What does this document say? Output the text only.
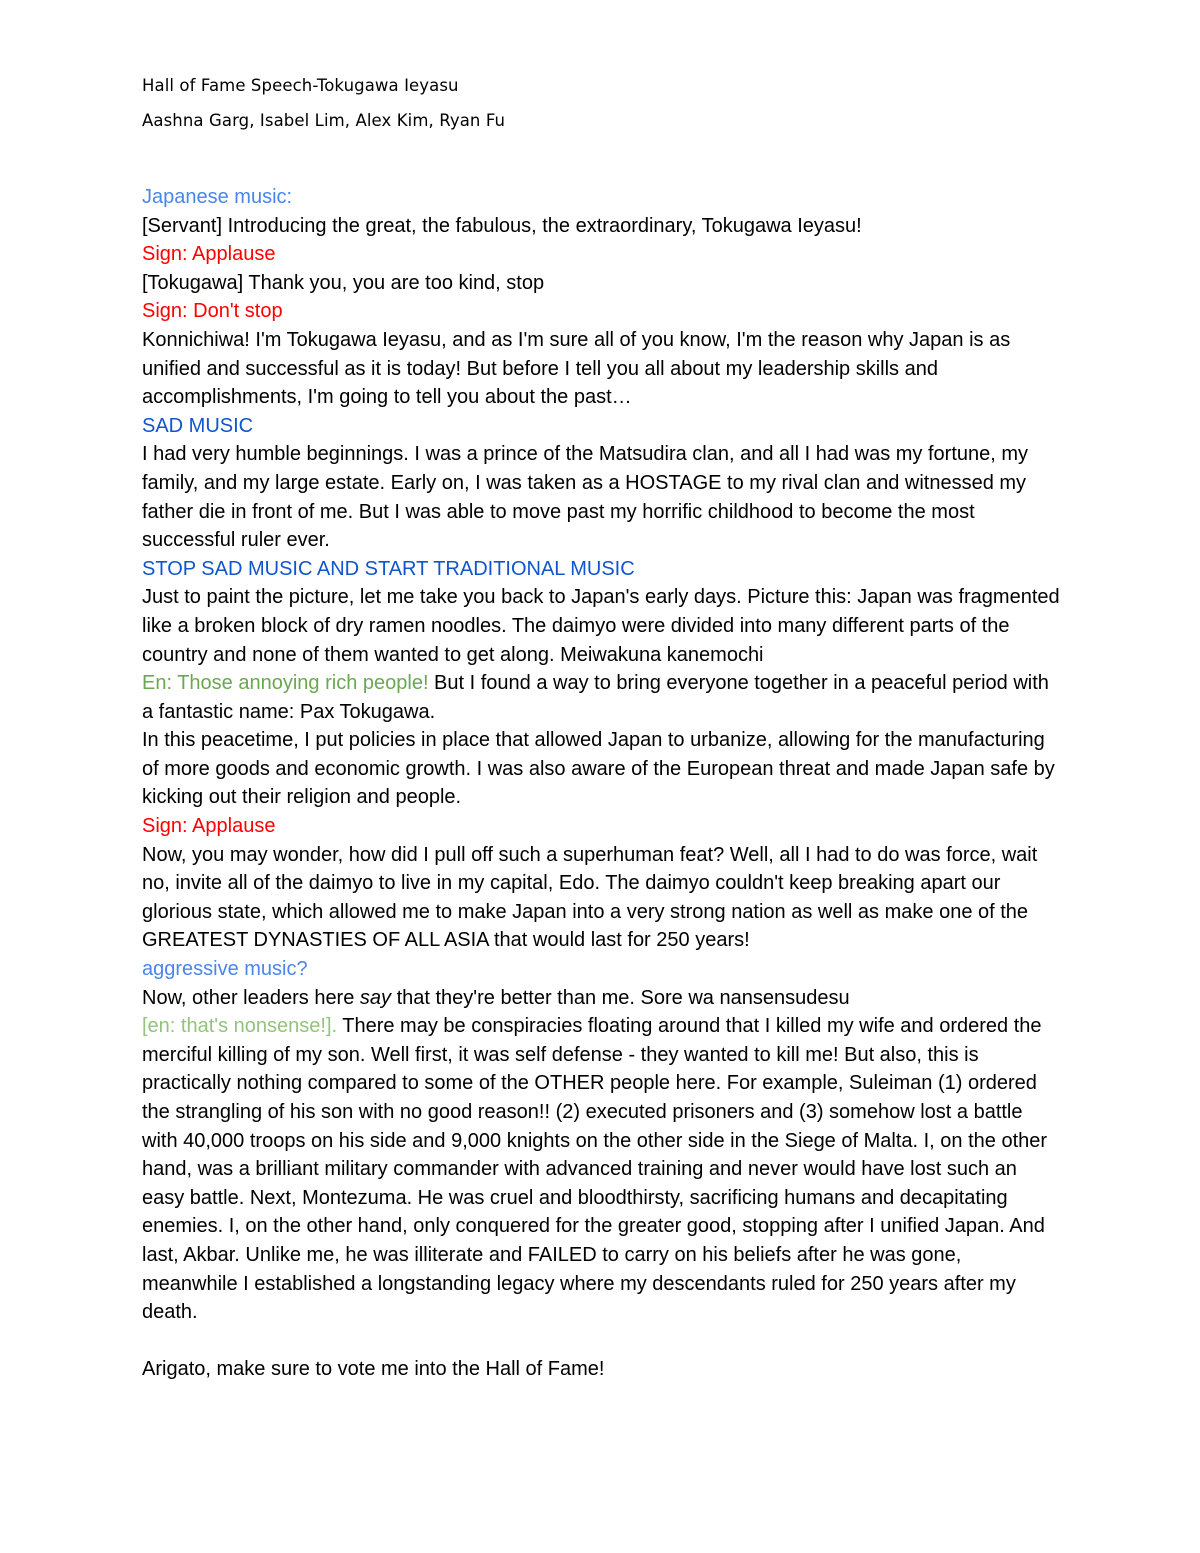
Hall of Fame Speech-Tokugawa Ieyasu
Aashna Garg, Isabel Lim, Alex Kim, Ryan Fu

Japanese music:

[Servant] Introducing the great, the fabulous, the extraordinary, Tokugawa Ieyasu!

Sign: Applause

[Tokugawa] Thank you, you are too kind, stop

Sign: Don't stop

Konnichiwa! I'm Tokugawa Ieyasu, and as I'm sure all of you know, I'm the reason why Japan is as unified and successful as it is today! But before I tell you all about my leadership skills and accomplishments, I'm going to tell you about the past…

SAD MUSIC

I had very humble beginnings. I was a prince of the Matsudira clan, and all I had was my fortune, my family, and my large estate. Early on, I was taken as a HOSTAGE to my rival clan and witnessed my father die in front of me. But I was able to move past my horrific childhood to become the most successful ruler ever.

STOP SAD MUSIC AND START TRADITIONAL MUSIC

Just to paint the picture, let me take you back to Japan's early days. Picture this: Japan was fragmented like a broken block of dry ramen noodles. The daimyo were divided into many different parts of the country and none of them wanted to get along. Meiwakuna kanemochi

En: Those annoying rich people! But I found a way to bring everyone together in a peaceful period with a fantastic name: Pax Tokugawa.

In this peacetime, I put policies in place that allowed Japan to urbanize, allowing for the manufacturing of more goods and economic growth. I was also aware of the European threat and made Japan safe by kicking out their religion and people.

Sign: Applause

Now, you may wonder, how did I pull off such a superhuman feat? Well, all I had to do was force, wait no, invite all of the daimyo to live in my capital, Edo. The daimyo couldn't keep breaking apart our glorious state, which allowed me to make Japan into a very strong nation as well as make one of the GREATEST DYNASTIES OF ALL ASIA that would last for 250 years!

aggressive music?

Now, other leaders here say that they're better than me. Sore wa nansensudesu

[en: that's nonsense!]. There may be conspiracies floating around that I killed my wife and ordered the merciful killing of my son. Well first, it was self defense - they wanted to kill me! But also, this is practically nothing compared to some of the OTHER people here. For example, Suleiman (1) ordered the strangling of his son with no good reason!! (2) executed prisoners and (3) somehow lost a battle with 40,000 troops on his side and 9,000 knights on the other side in the Siege of Malta. I, on the other hand, was a brilliant military commander with advanced training and never would have lost such an easy battle. Next, Montezuma. He was cruel and bloodthirsty, sacrificing humans and decapitating enemies. I, on the other hand, only conquered for the greater good, stopping after I unified Japan. And last, Akbar. Unlike me, he was illiterate and FAILED to carry on his beliefs after he was gone, meanwhile I established a longstanding legacy where my descendants ruled for 250 years after my death.

Arigato, make sure to vote me into the Hall of Fame!
